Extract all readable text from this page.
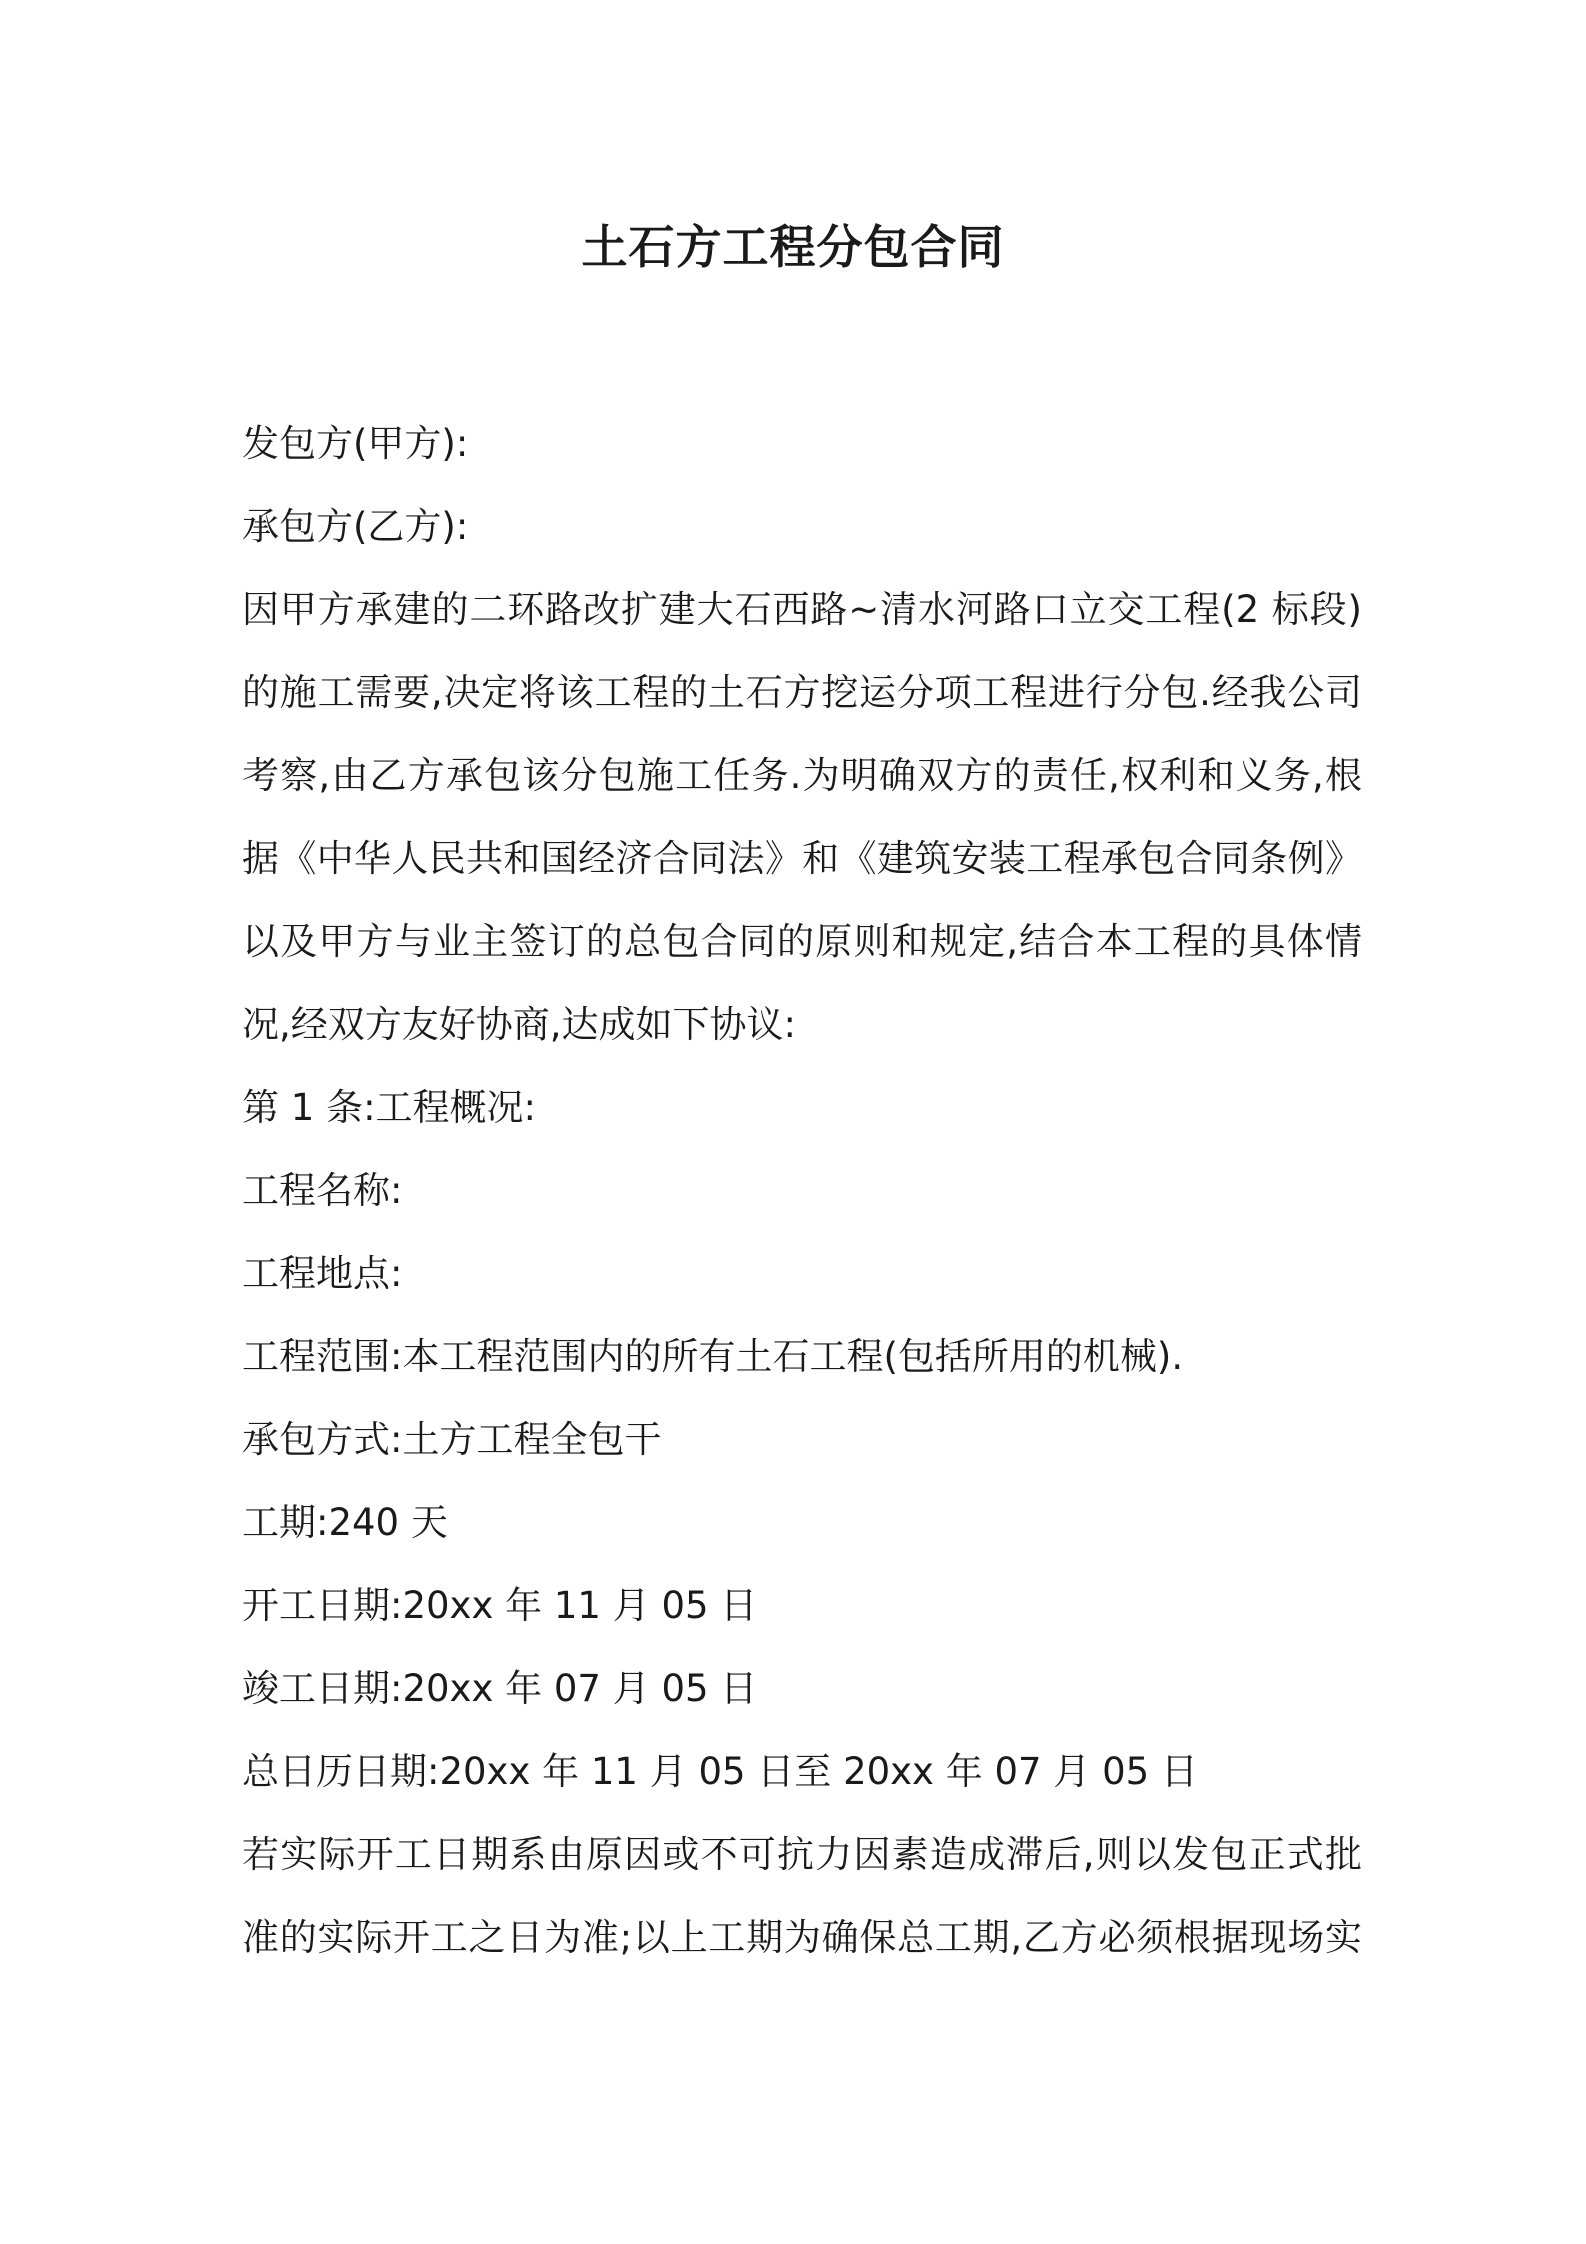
土石方工程分包合同
发包方(甲方):
承包方(乙方):
因甲方承建的二环路改扩建大石西路~清水河路口立交工程(2 标段)
的施工需要,决定将该工程的土石方挖运分项工程进行分包.经我公司
考察,由乙方承包该分包施工任务.为明确双方的责任,权利和义务,根
据《中华人民共和国经济合同法》和《建筑安装工程承包合同条例》
以及甲方与业主签订的总包合同的原则和规定,结合本工程的具体情
况,经双方友好协商,达成如下协议:
第 1 条:工程概况:
工程名称:
工程地点:
工程范围:本工程范围内的所有土石工程(包括所用的机械).
承包方式:土方工程全包干
工期:240 天
开工日期:20xx 年 11 月 05 日
竣工日期:20xx 年 07 月 05 日
总日历日期:20xx 年 11 月 05 日至 20xx 年 07 月 05 日
若实际开工日期系由原因或不可抗力因素造成滞后,则以发包正式批
准的实际开工之日为准;以上工期为确保总工期,乙方必须根据现场实
